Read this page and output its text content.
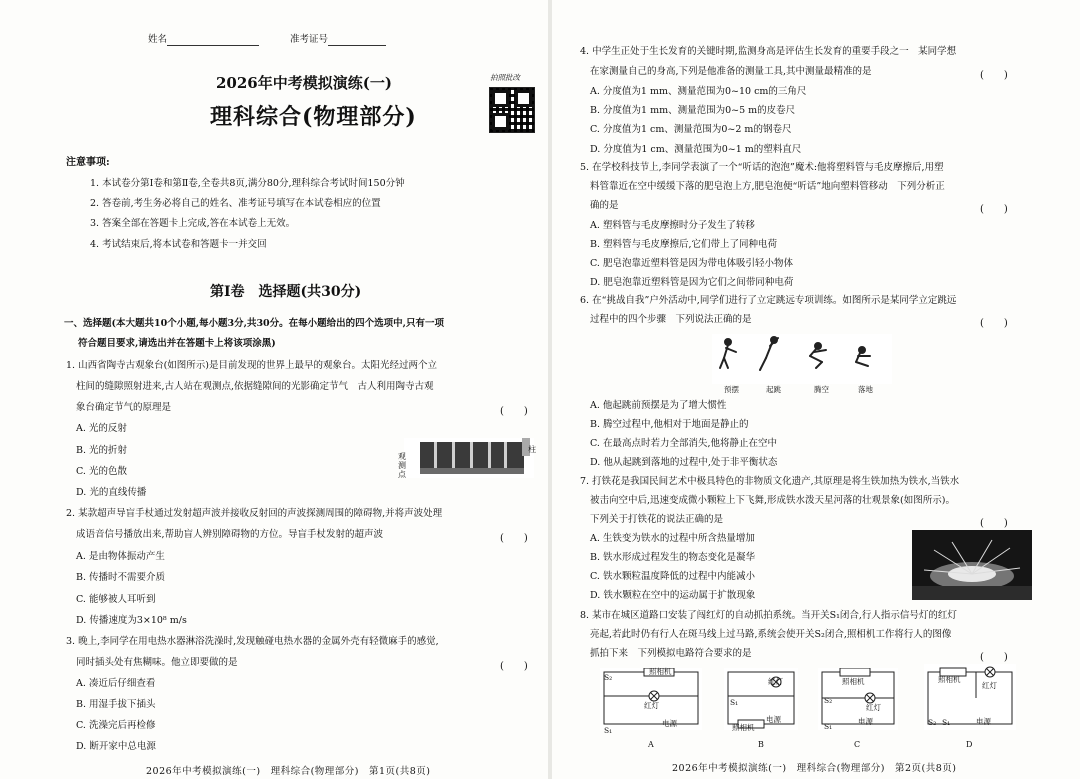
姓名	准考证号
2026年中考模拟演练(一)
理科综合(物理部分)
拍照批改
注意事项:
1. 本试卷分第Ⅰ卷和第Ⅱ卷,全卷共8页,满分80分,理科综合考试时间150分钟
2. 答卷前,考生务必将自己的姓名、准考证号填写在本试卷相应的位置
3. 答案全部在答题卡上完成,答在本试卷上无效。
4. 考试结束后,将本试卷和答题卡一并交回
第Ⅰ卷　选择题(共30分)
一、选择题(本大题共10个小题,每小题3分,共30分。在每小题给出的四个选项中,只有一项
符合题目要求,请选出并在答题卡上将该项涂黑)
1. 山西省陶寺古观象台(如图所示)是目前发现的世界上最早的观象台。太阳光经过两个立
柱间的缝隙照射进来,古人站在观测点,依据缝隙间的光影确定节气　古人利用陶寺古观
象台确定节气的原理是	(　　)
A. 光的反射
B. 光的折射
C. 光的色散
D. 光的直线传播
柱
观测点
2. 某款超声导盲手杖通过发射超声波并接收反射回的声波探测周围的障碍物,并将声波处理
成语音信号播放出来,帮助盲人辨别障碍物的方位。导盲手杖发射的超声波	(　　)
A. 是由物体振动产生
B. 传播时不需要介质
C. 能够被人耳听到
D. 传播速度为3×10⁸ m/s
3. 晚上,李同学在用电热水器淋浴洗澡时,发现触碰电热水器的金属外壳有轻微麻手的感觉,
同时插头处有焦糊味。他立即要做的是	(　　)
A. 凑近后仔细查看
B. 用湿手拔下插头
C. 洗澡完后再检修
D. 断开家中总电源
2026年中考模拟演练(一)　理科综合(物理部分)　第1页(共8页)
4. 中学生正处于生长发育的关键时期,监测身高是评估生长发育的重要手段之一　某同学想
在家测量自己的身高,下列是他准备的测量工具,其中测量最精准的是	(　　)
A. 分度值为1 mm、测量范围为0~10 cm的三角尺
B. 分度值为1 mm、测量范围为0~5 m的皮卷尺
C. 分度值为1 cm、测量范围为0~2 m的钢卷尺
D. 分度值为1 cm、测量范围为0~1 m的塑料直尺
5. 在学校科技节上,李同学表演了一个“听话的泡泡”魔术:他将塑料管与毛皮摩擦后,用塑
料管靠近在空中缓缓下落的肥皂泡上方,肥皂泡便“听话”地向塑料管移动　下列分析正
确的是	(　　)
A. 塑料管与毛皮摩擦时分子发生了转移
B. 塑料管与毛皮摩擦后,它们带上了同种电荷
C. 肥皂泡靠近塑料管是因为带电体吸引轻小物体
D. 肥皂泡靠近塑料管是因为它们之间带同种电荷
6. 在“挑战自我”户外活动中,同学们进行了立定跳远专项训练。如图所示是某同学立定跳远
过程中的四个步骤　下列说法正确的是	(　　)
预摆	起跳	腾空	落地
A. 他起跳前预摆是为了增大惯性
B. 腾空过程中,他相对于地面是静止的
C. 在最高点时若力全部消失,他将静止在空中
D. 他从起跳到落地的过程中,处于非平衡状态
7. 打铁花是我国民间艺术中极具特色的非物质文化遗产,其原理是将生铁加热为铁水,当铁水
被击向空中后,迅速变成微小颗粒上下飞舞,形成铁水泼天星河落的壮观景象(如图所示)。
下列关于打铁花的说法正确的是	(　　)
A. 生铁变为铁水的过程中所含热量增加
B. 铁水形成过程发生的物态变化是凝华
C. 铁水颗粒温度降低的过程中内能减小
D. 铁水颗粒在空中的运动属于扩散现象
8. 某市在城区道路口安装了闯红灯的自动抓拍系统。当开关S₁闭合,行人指示信号灯的红灯
亮起,若此时仍有行人在斑马线上过马路,系统会使开关S₂闭合,照相机工作将行人的图像
抓拍下来　下列模拟电路符合要求的是	(　　)
照相机
S₂
红灯
电源
S₁
A
红灯
S₁
电源
照相机
B
照相机
S₂
红灯
电源
S₁
C
照相机
红灯
S₂ S₁	电源
D
2026年中考模拟演练(一)　理科综合(物理部分)　第2页(共8页)
